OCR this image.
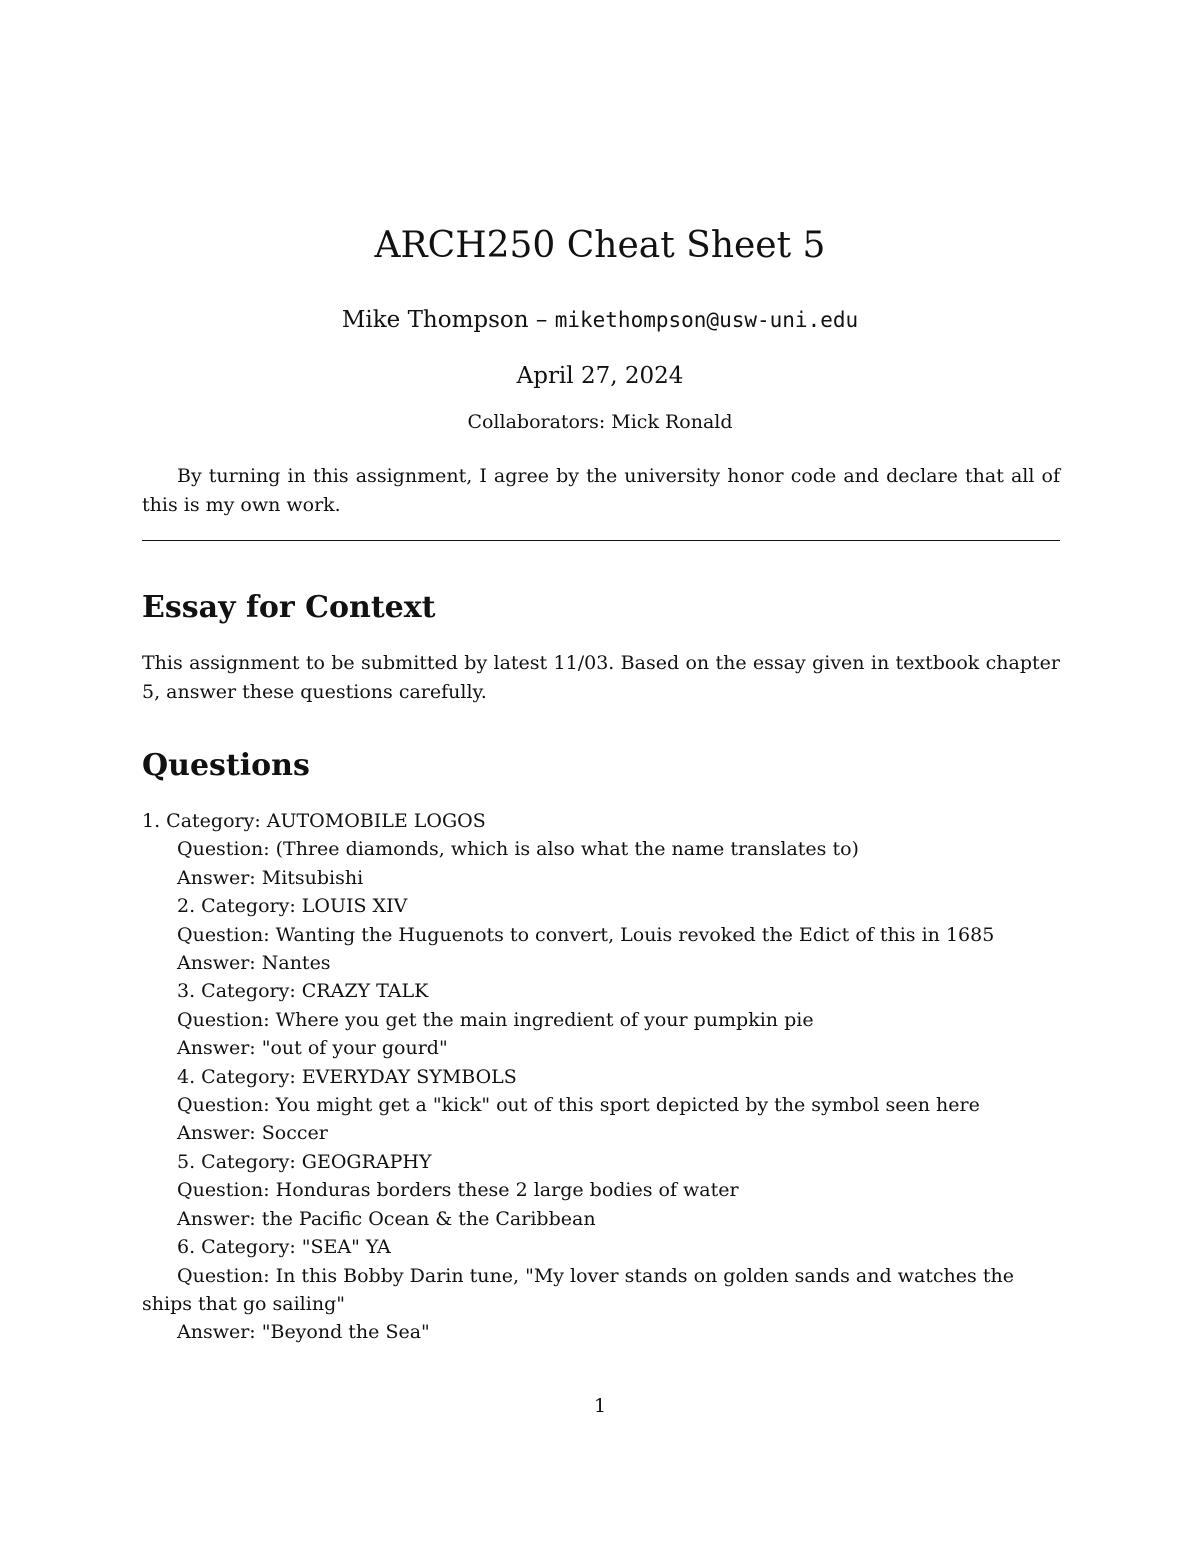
ARCH250 Cheat Sheet 5
Mike Thompson – mikethompson@usw-uni.edu
April 27, 2024
Collaborators: Mick Ronald

By turning in this assignment, I agree by the university honor code and declare that all of this is my own work.

Essay for Context

This assignment to be submitted by latest 11/03. Based on the essay given in textbook chapter 5, answer these questions carefully.

Questions
1. Category: AUTOMOBILE LOGOS
Question: (Three diamonds, which is also what the name translates to)
Answer: Mitsubishi
2. Category: LOUIS XIV
Question: Wanting the Huguenots to convert, Louis revoked the Edict of this in 1685
Answer: Nantes
3. Category: CRAZY TALK
Question: Where you get the main ingredient of your pumpkin pie
Answer: "out of your gourd"
4. Category: EVERYDAY SYMBOLS
Question: You might get a "kick" out of this sport depicted by the symbol seen here
Answer: Soccer
5. Category: GEOGRAPHY
Question: Honduras borders these 2 large bodies of water
Answer: the Pacific Ocean & the Caribbean
6. Category: "SEA" YA
Question: In this Bobby Darin tune, "My lover stands on golden sands and watches the ships that go sailing"
Answer: "Beyond the Sea"
1
